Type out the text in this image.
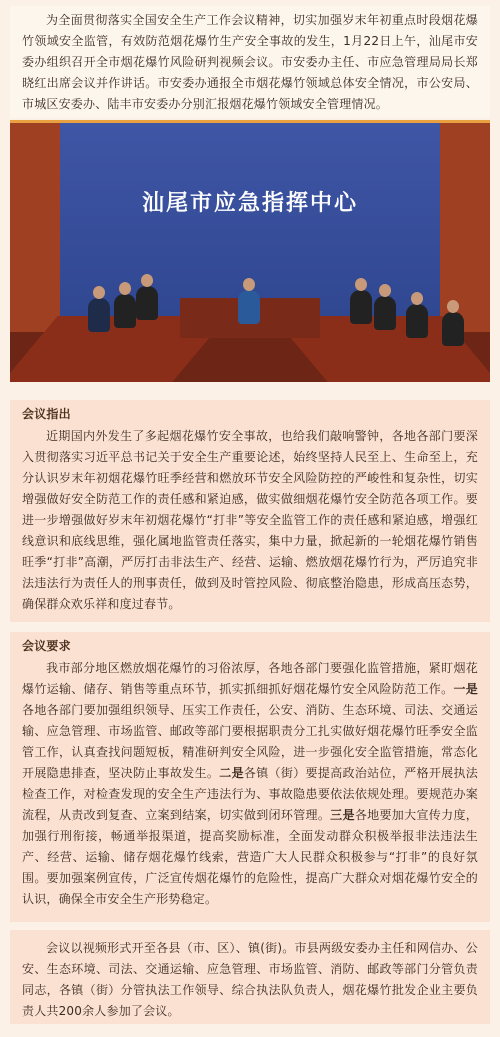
为全面贯彻落实全国安全生产工作会议精神，切实加强岁末年初重点时段烟花爆竹领域安全监管，有效防范烟花爆竹生产安全事故的发生，1月22日上午，汕尾市安委办组织召开全市烟花爆竹风险研判视频会议。市安委办主任、市应急管理局局长郑晓红出席会议并作讲话。市安委办通报全市烟花爆竹领域总体安全情况，市公安局、市城区安委办、陆丰市安委办分别汇报烟花爆竹领域安全管理情况。
汕尾市应急指挥中心
会议指出
近期国内外发生了多起烟花爆竹安全事故，也给我们敲响警钟，各地各部门要深入贯彻落实习近平总书记关于安全生产重要论述，始终坚持人民至上、生命至上，充分认识岁末年初烟花爆竹旺季经营和燃放环节安全风险防控的严峻性和复杂性，切实增强做好安全防范工作的责任感和紧迫感，做实做细烟花爆竹安全防范各项工作。要进一步增强做好岁末年初烟花爆竹“打非”等安全监管工作的责任感和紧迫感，增强红线意识和底线思维，强化属地监管责任落实，集中力量，掀起新的一轮烟花爆竹销售旺季“打非”高潮，严厉打击非法生产、经营、运输、燃放烟花爆竹行为，严厉追究非法违法行为责任人的刑事责任，做到及时管控风险、彻底整治隐患，形成高压态势，确保群众欢乐祥和度过春节。
会议要求
我市部分地区燃放烟花爆竹的习俗浓厚，各地各部门要强化监管措施，紧盯烟花爆竹运输、储存、销售等重点环节，抓实抓细抓好烟花爆竹安全风险防范工作。一是各地各部门要加强组织领导、压实工作责任，公安、消防、生态环境、司法、交通运输、应急管理、市场监管、邮政等部门要根据职责分工扎实做好烟花爆竹旺季安全监管工作，认真查找问题短板，精准研判安全风险，进一步强化安全监管措施，常态化开展隐患排查，坚决防止事故发生。二是各镇（街）要提高政治站位，严格开展执法检查工作，对检查发现的安全生产违法行为、事故隐患要依法依规处理。要规范办案流程，从责改到复查、立案到结案，切实做到闭环管理。三是各地要加大宣传力度，加强行刑衔接，畅通举报渠道，提高奖励标准，全面发动群众积极举报非法违法生产、经营、运输、储存烟花爆竹线索，营造广大人民群众积极参与“打非”的良好氛围。要加强案例宣传，广泛宣传烟花爆竹的危险性，提高广大群众对烟花爆竹安全的认识，确保全市安全生产形势稳定。
会议以视频形式开至各县（市、区）、镇(街)。市县两级安委办主任和网信办、公安、生态环境、司法、交通运输、应急管理、市场监管、消防、邮政等部门分管负责同志，各镇（街）分管执法工作领导、综合执法队负责人，烟花爆竹批发企业主要负责人共200余人参加了会议。
